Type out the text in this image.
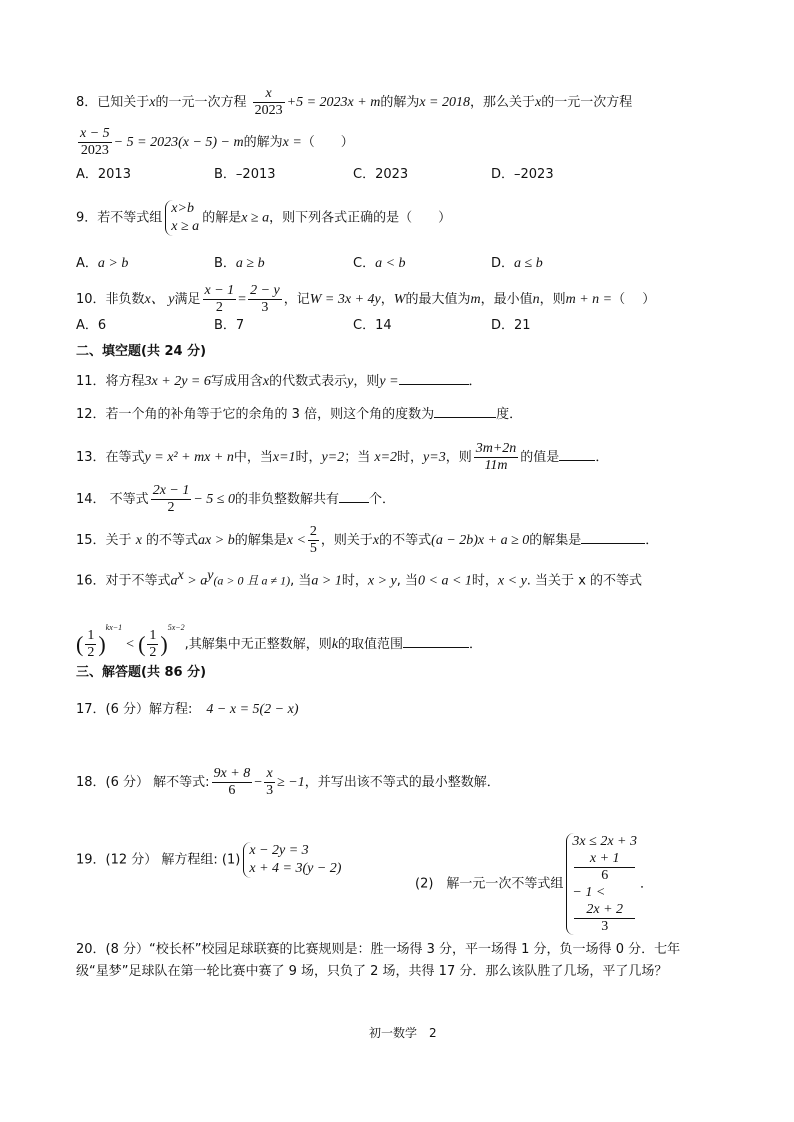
8．已知关于x的一元一次方程 $\frac{x}{2023} +5 = 2023x + m$的解为x = 2018，那么关于x的一元一次方程
$\frac{x - 5}{2023} - 5 = 2023(x - 5) - m$的解为x =（　　）
A．2013	B．–2013	C．2023	D．–2023
9．若不等式组
x>b
x ≥ a
的解是x ≥ a，则下列各式正确的是（　　）
A．a > b	B．a ≥ b	C．a < b	D．a ≤ b
10．非负数x、 y满足 $\frac{x - 1}{2} = \frac{2 - y}{3}$ ，记W = 3x + 4y，W的最大值为m，最小值n，则m + n =（　 ）
A．6	B．7	C．14	D．21
二、填空题(共 24 分)
11．将方程3x + 2y = 6写成用含x的代数式表示y，则y =	．
12．若一个角的补角等于它的余角的 3 倍，则这个角的度数为	度．
13．在等式y = x² + mx + n中，当x=1时，y=2；当 x=2时，y=3，则 $\frac{3m+2n}{11m}$ 的值是	．
14． 不等式 $\frac{2x - 1}{2} - 5 \le 0$的非负整数解共有 个．
15．关于 x 的不等式ax > b的解集是$x < \frac{2}{5}$ ，则关于x的不等式(a − 2b)x + a ≥ 0的解集是	．
16．对于不等式$a^x > a^y(a > 0$ 且 a ≠ 1), 当a > 1时，x > y, 当0 < a < 1时，x < y. 当关于 x 的不等式
( $\frac{1}{2} )^{kx-1}<$ ( $\frac{1}{2} )^{5x-2}$,其解集中无正整数解，则k的取值范围	．
三、解答题(共 86 分)
17．(6 分）解方程: 4 − x = 5(2 − x)
18．(6 分） 解不等式: $\frac{9x + 8}{6} - \frac{x}{3} \ge -1$，并写出该不等式的最小整数解．
19．(12 分） 解方程组: (1)
x − 2y = 3
x + 4 = 3(y − 2)
(2)　解一元一次不等式组
3x ≤ 2x + 3
x + 1
6
− 1 <
2x + 2
3
．
20．(8 分）“校长杯”校园足球联赛的比赛规则是：胜一场得 3 分，平一场得 1 分，负一场得 0 分．七年
级“星梦”足球队在第一轮比赛中赛了 9 场，只负了 2 场，共得 17 分．那么该队胜了几场，平了几场？
初一数学　2
